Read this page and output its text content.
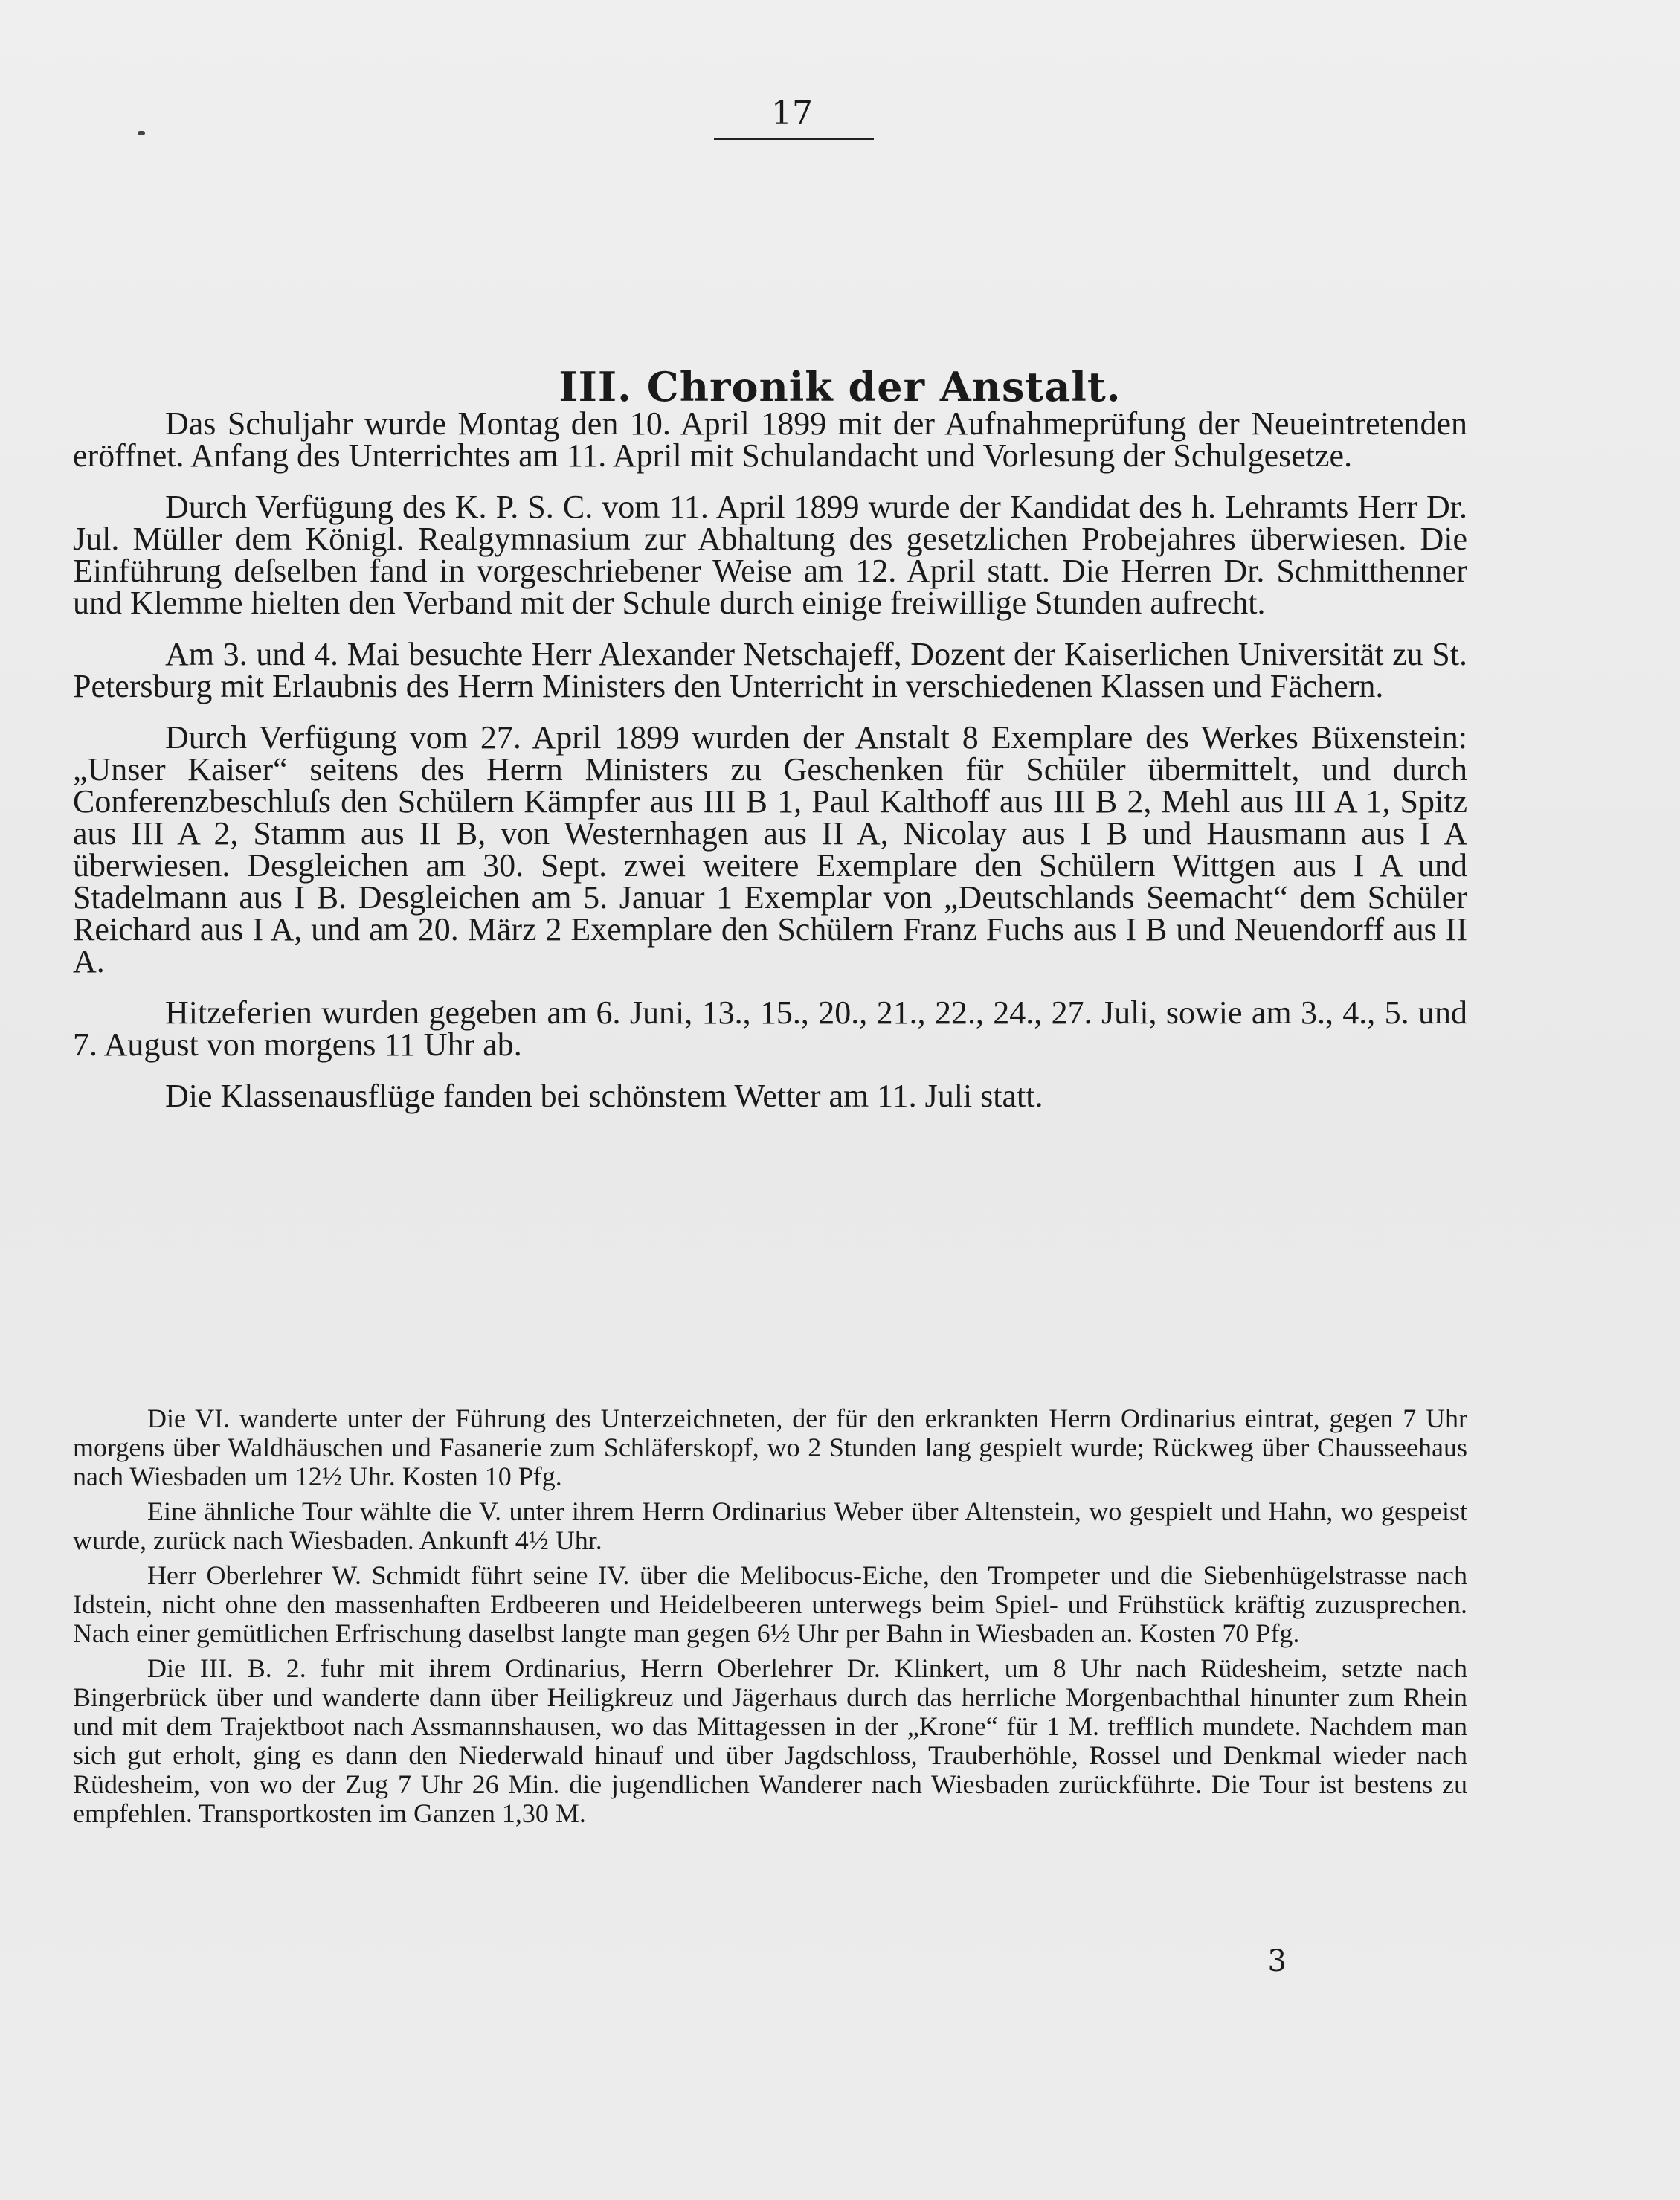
17
III. Chronik der Anstalt.

Das Schuljahr wurde Montag den 10. April 1899 mit der Aufnahmeprüfung der Neueintretenden eröffnet. Anfang des Unterrichtes am 11. April mit Schulandacht und Vorlesung der Schulgesetze.

Durch Verfügung des K. P. S. C. vom 11. April 1899 wurde der Kandidat des h. Lehramts Herr Dr. Jul. Müller dem Königl. Realgymnasium zur Abhaltung des gesetzlichen Probejahres überwiesen. Die Einführung deſselben fand in vorgeschriebener Weise am 12. April statt. Die Herren Dr. Schmitthenner und Klemme hielten den Verband mit der Schule durch einige freiwillige Stunden aufrecht.

Am 3. und 4. Mai besuchte Herr Alexander Netschajeff, Dozent der Kaiserlichen Universität zu St. Petersburg mit Erlaubnis des Herrn Ministers den Unterricht in verschiedenen Klassen und Fächern.

Durch Verfügung vom 27. April 1899 wurden der Anstalt 8 Exemplare des Werkes Büxenstein: „Unser Kaiser“ seitens des Herrn Ministers zu Geschenken für Schüler übermittelt, und durch Conferenzbeschluſs den Schülern Kämpfer aus III B 1, Paul Kalthoff aus III B 2, Mehl aus III A 1, Spitz aus III A 2, Stamm aus II B, von Westernhagen aus II A, Nicolay aus I B und Hausmann aus I A überwiesen. Desgleichen am 30. Sept. zwei weitere Exemplare den Schülern Wittgen aus I A und Stadelmann aus I B. Desgleichen am 5. Januar 1 Exemplar von „Deutschlands Seemacht“ dem Schüler Reichard aus I A, und am 20. März 2 Exemplare den Schülern Franz Fuchs aus I B und Neuendorff aus II A.

Hitzeferien wurden gegeben am 6. Juni, 13., 15., 20., 21., 22., 24., 27. Juli, sowie am 3., 4., 5. und 7. August von morgens 11 Uhr ab.

Die Klassenausflüge fanden bei schönstem Wetter am 11. Juli statt.

Die VI. wanderte unter der Führung des Unterzeichneten, der für den erkrankten Herrn Ordinarius eintrat, gegen 7 Uhr morgens über Waldhäuschen und Fasanerie zum Schläferskopf, wo 2 Stunden lang gespielt wurde; Rückweg über Chausseehaus nach Wiesbaden um 12½ Uhr. Kosten 10 Pfg.

Eine ähnliche Tour wählte die V. unter ihrem Herrn Ordinarius Weber über Altenstein, wo gespielt und Hahn, wo gespeist wurde, zurück nach Wiesbaden. Ankunft 4½ Uhr.

Herr Oberlehrer W. Schmidt führt seine IV. über die Melibocus-Eiche, den Trompeter und die Siebenhügelstrasse nach Idstein, nicht ohne den massenhaften Erdbeeren und Heidelbeeren unterwegs beim Spiel- und Frühstück kräftig zuzusprechen. Nach einer gemütlichen Erfrischung daselbst langte man gegen 6½ Uhr per Bahn in Wiesbaden an. Kosten 70 Pfg.

Die III. B. 2. fuhr mit ihrem Ordinarius, Herrn Oberlehrer Dr. Klinkert, um 8 Uhr nach Rüdesheim, setzte nach Bingerbrück über und wanderte dann über Heiligkreuz und Jägerhaus durch das herrliche Morgenbachthal hinunter zum Rhein und mit dem Trajektboot nach Assmannshausen, wo das Mittagessen in der „Krone“ für 1 M. trefflich mundete. Nachdem man sich gut erholt, ging es dann den Niederwald hinauf und über Jagdschloss, Trauberhöhle, Rossel und Denkmal wieder nach Rüdesheim, von wo der Zug 7 Uhr 26 Min. die jugendlichen Wanderer nach Wiesbaden zurückführte. Die Tour ist bestens zu empfehlen. Transportkosten im Ganzen 1,30 M.

3
